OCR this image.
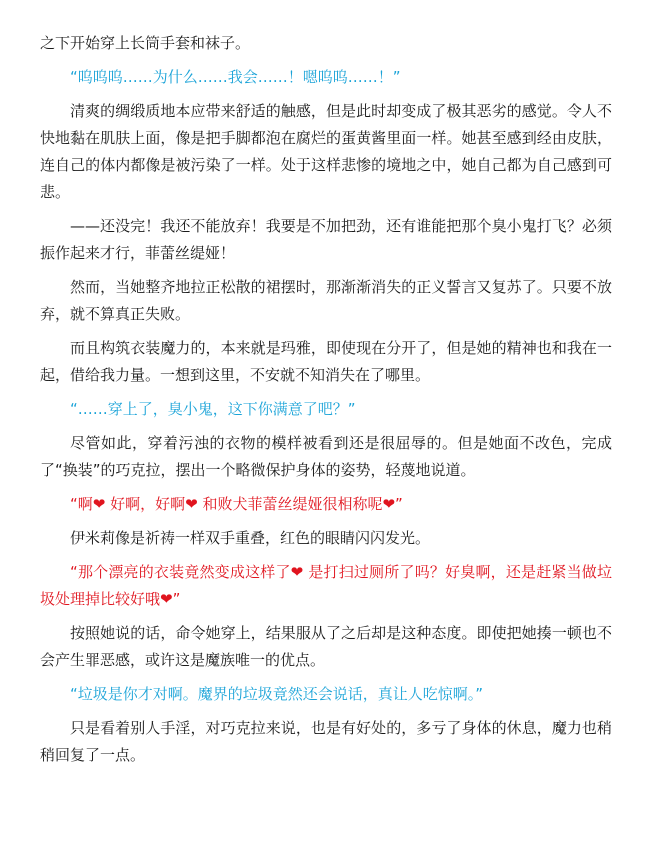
之下开始穿上长筒手套和袜子。

“呜呜呜……为什么……我会……！嗯呜呜……！”

清爽的绸缎质地本应带来舒适的触感，但是此时却变成了极其恶劣的感觉。令人不快地黏在肌肤上面，像是把手脚都泡在腐烂的蛋黄酱里面一样。她甚至感到经由皮肤，连自己的体内都像是被污染了一样。处于这样悲惨的境地之中，她自己都为自己感到可悲。

——还没完！我还不能放弃！我要是不加把劲，还有谁能把那个臭小鬼打飞？必须振作起来才行，菲蕾丝缇娅！

然而，当她整齐地拉正松散的裙摆时，那渐渐消失的正义誓言又复苏了。只要不放弃，就不算真正失败。

而且构筑衣装魔力的，本来就是玛雅，即使现在分开了，但是她的精神也和我在一起，借给我力量。一想到这里，不安就不知消失在了哪里。

“……穿上了，臭小鬼，这下你满意了吧？”

尽管如此，穿着污浊的衣物的模样被看到还是很屈辱的。但是她面不改色，完成了“换装”的巧克拉，摆出一个略微保护身体的姿势，轻蔑地说道。

“啊❤ 好啊，好啊❤ 和败犬菲蕾丝缇娅很相称呢❤”

伊米莉像是祈祷一样双手重叠，红色的眼睛闪闪发光。

“那个漂亮的衣装竟然变成这样了❤ 是打扫过厕所了吗？好臭啊，还是赶紧当做垃圾处理掉比较好哦❤”

按照她说的话，命令她穿上，结果服从了之后却是这种态度。即使把她揍一顿也不会产生罪恶感，或许这是魔族唯一的优点。

“垃圾是你才对啊。魔界的垃圾竟然还会说话，真让人吃惊啊。”

只是看着别人手淫，对巧克拉来说，也是有好处的，多亏了身体的休息，魔力也稍稍回复了一点。
